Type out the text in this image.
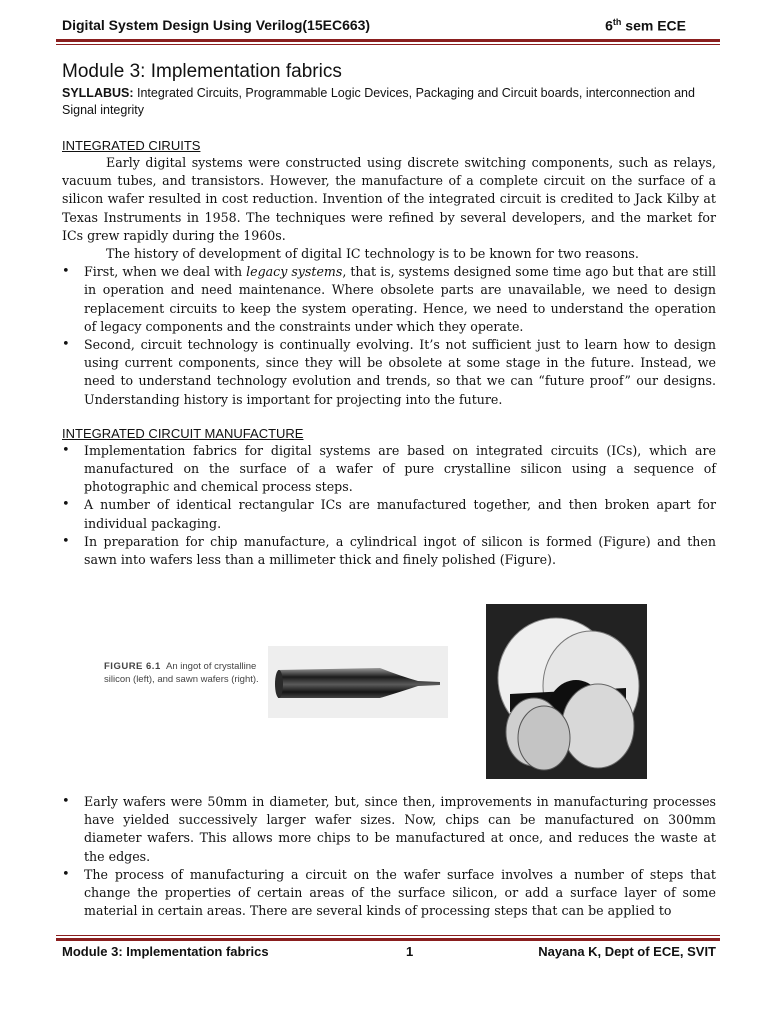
Digital System Design Using Verilog(15EC663)	6th sem ECE
Module 3: Implementation fabrics
SYLLABUS: Integrated Circuits, Programmable Logic Devices, Packaging and Circuit boards, interconnection and Signal integrity
INTEGRATED CIRUITS

Early digital systems were constructed using discrete switching components, such as relays, vacuum tubes, and transistors. However, the manufacture of a complete circuit on the surface of a silicon wafer resulted in cost reduction. Invention of the integrated circuit is credited to Jack Kilby at Texas Instruments in 1958. The techniques were refined by several developers, and the market for ICs grew rapidly during the 1960s.

The history of development of digital IC technology is to be known for two reasons.

• First, when we deal with legacy systems, that is, systems designed some time ago but that are still in operation and need maintenance. Where obsolete parts are unavailable, we need to design replacement circuits to keep the system operating. Hence, we need to understand the operation of legacy components and the constraints under which they operate.
• Second, circuit technology is continually evolving. It’s not sufficient just to learn how to design using current components, since they will be obsolete at some stage in the future. Instead, we need to understand technology evolution and trends, so that we can “future proof” our designs. Understanding history is important for projecting into the future.
INTEGRATED CIRCUIT MANUFACTURE
• Implementation fabrics for digital systems are based on integrated circuits (ICs), which are manufactured on the surface of a wafer of pure crystalline silicon using a sequence of photographic and chemical process steps.
• A number of identical rectangular ICs are manufactured together, and then broken apart for individual packaging.
• In preparation for chip manufacture, a cylindrical ingot of silicon is formed (Figure) and then sawn into wafers less than a millimeter thick and finely polished (Figure).
FIGURE 6.1 An ingot of crystalline silicon (left), and sawn wafers (right).
• Early wafers were 50mm in diameter, but, since then, improvements in manufacturing processes have yielded successively larger wafer sizes. Now, chips can be manufactured on 300mm diameter wafers. This allows more chips to be manufactured at once, and reduces the waste at the edges.
• The process of manufacturing a circuit on the wafer surface involves a number of steps that change the properties of certain areas of the surface silicon, or add a surface layer of some material in certain areas. There are several kinds of processing steps that can be applied to
Module 3: Implementation fabrics	1	Nayana K, Dept of ECE, SVIT
